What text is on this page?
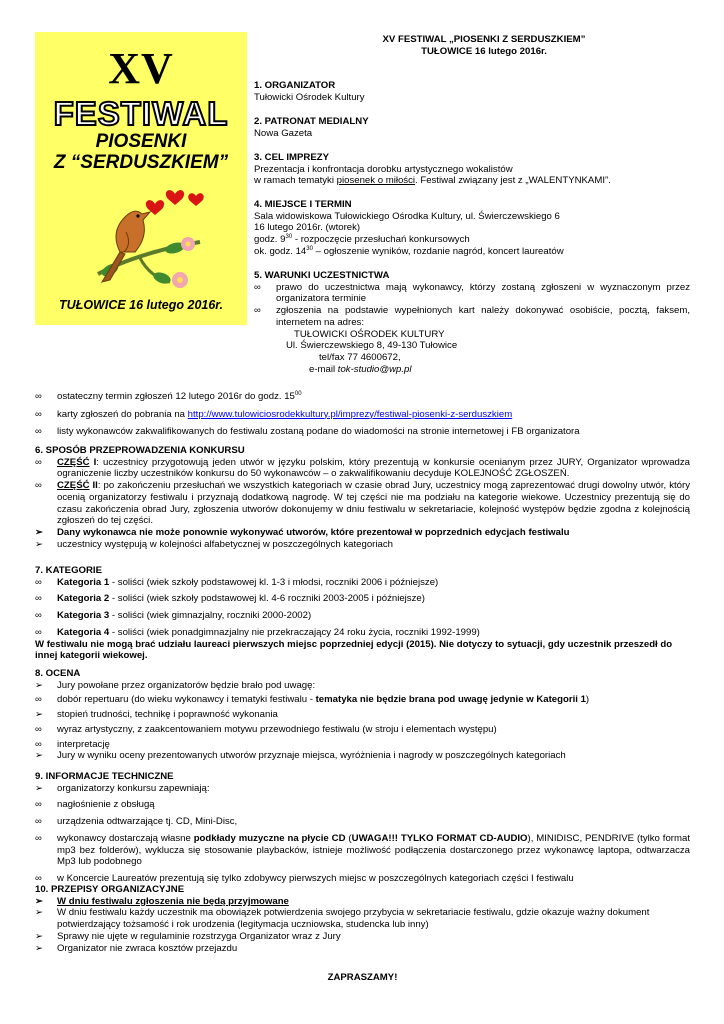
XV
FESTIWAL
PIOSENKI
Z “SERDUSZKIEM”
TUŁOWICE 16 lutego 2016r.
XV FESTIWAL „PIOSENKI Z SERDUSZKIEM”
TUŁOWICE 16 lutego 2016r.
1. ORGANIZATOR
Tułowicki Ośrodek Kultury
2. PATRONAT MEDIALNY
Nowa Gazeta
3. CEL IMPREZY
Prezentacja i konfrontacja dorobku artystycznego wokalistów
w ramach tematyki piosenek o miłości. Festiwal związany jest z „WALENTYNKAMI”.
4. MIEJSCE I TERMIN
Sala widowiskowa Tułowickiego Ośrodka Kultury, ul. Świerczewskiego 6
16 lutego 2016r. (wtorek)
godz. $9^{30}$ - rozpoczęcie przesłuchań konkursowych
ok. godz. $14^{30}$ – ogłoszenie wyników, rozdanie nagród, koncert laureatów
5. WARUNKI UCZESTNICTWA
∞ prawo do uczestnictwa mają wykonawcy, którzy zostaną zgłoszeni w wyznaczonym przez organizatora terminie
∞ zgłoszenia na podstawie wypełnionych kart należy dokonywać osobiście, pocztą, faksem, internetem na adres:
TUŁOWICKI OŚRODEK KULTURY
Ul. Świerczewskiego 8, 49-130 Tułowice
tel/fax 77 4600672,
e-mail tok-studio@wp.pl
∞ ostateczny termin zgłoszeń 12 lutego 2016r do godz. $15^{00}$
∞ karty zgłoszeń do pobrania na http://www.tulowiciosrodekkultury.pl/imprezy/festiwal-piosenki-z-serduszkiem
∞ listy wykonawców zakwalifikowanych do festiwalu zostaną podane do wiadomości na stronie internetowej i FB organizatora
6. SPOSÓB PRZEPROWADZENIA KONKURSU
∞ CZĘŚĆ I: uczestnicy przygotowują jeden utwór w języku polskim, który prezentują w konkursie ocenianym przez JURY, Organizator wprowadza ograniczenie liczby uczestników konkursu do 50 wykonawców – o zakwalifikowaniu decyduje KOLEJNOŚĆ ZGŁOSZEŃ.
∞ CZĘŚĆ II: po zakończeniu przesłuchań we wszystkich kategoriach w czasie obrad Jury, uczestnicy mogą zaprezentować drugi dowolny utwór, który ocenią organizatorzy festiwalu i przyznają dodatkową nagrodę. W tej części nie ma podziału na kategorie wiekowe. Uczestnicy prezentują się do czasu zakończenia obrad Jury, zgłoszenia utworów dokonujemy w dniu festiwalu w sekretariacie, kolejność występów będzie zgodna z kolejnością zgłoszeń do tej części.
➢ Dany wykonawca nie może ponownie wykonywać utworów, które prezentował w poprzednich edycjach festiwalu
➢ uczestnicy występują w kolejności alfabetycznej w poszczególnych kategoriach
7. KATEGORIE
∞ Kategoria 1 - soliści (wiek szkoły podstawowej kl. 1-3 i młodsi, roczniki 2006 i późniejsze)
∞ Kategoria 2 - soliści (wiek szkoły podstawowej kl. 4-6 roczniki 2003-2005 i późniejsze)
∞ Kategoria 3 - soliści (wiek gimnazjalny, roczniki 2000-2002)
∞ Kategoria 4 - soliści (wiek ponadgimnazjalny nie przekraczający 24 roku życia, roczniki 1992-1999)
W festiwalu nie mogą brać udziału laureaci pierwszych miejsc poprzedniej edycji (2015). Nie dotyczy to sytuacji, gdy uczestnik przeszedł do innej kategorii wiekowej.
8. OCENA
➢ Jury powołane przez organizatorów będzie brało pod uwagę:
∞ dobór repertuaru (do wieku wykonawcy i tematyki festiwalu - tematyka nie będzie brana pod uwagę jedynie w Kategorii 1)
➢ stopień trudności, technikę i poprawność wykonania
∞ wyraz artystyczny, z zaakcentowaniem motywu przewodniego festiwalu (w stroju i elementach występu)
∞ interpretację
➢ Jury w wyniku oceny prezentowanych utworów przyznaje miejsca, wyróżnienia i nagrody w poszczególnych kategoriach
9. INFORMACJE TECHNICZNE
➢ organizatorzy konkursu zapewniają:
∞ nagłośnienie z obsługą
∞ urządzenia odtwarzające tj. CD, Mini-Disc,
∞ wykonawcy dostarczają własne podkłady muzyczne na płycie CD (UWAGA!!! TYLKO FORMAT CD-AUDIO), MINIDISC, PENDRIVE (tylko format mp3 bez folderów), wyklucza się stosowanie playbacków, istnieje możliwość podłączenia dostarczonego przez wykonawcę laptopa, odtwarzacza Mp3 lub podobnego
∞ w Koncercie Laureatów prezentują się tylko zdobywcy pierwszych miejsc w poszczególnych kategoriach części I festiwalu
10. PRZEPISY ORGANIZACYJNE
➢ W dniu festiwalu zgłoszenia nie będą przyjmowane
➢ W dniu festiwalu każdy uczestnik ma obowiązek potwierdzenia swojego przybycia w sekretariacie festiwalu, gdzie okazuje ważny dokument potwierdzający tożsamość i rok urodzenia (legitymacja uczniowska, studencka lub inny)
➢ Sprawy nie ujęte w regulaminie rozstrzyga Organizator wraz z Jury
➢ Organizator nie zwraca kosztów przejazdu
ZAPRASZAMY!
